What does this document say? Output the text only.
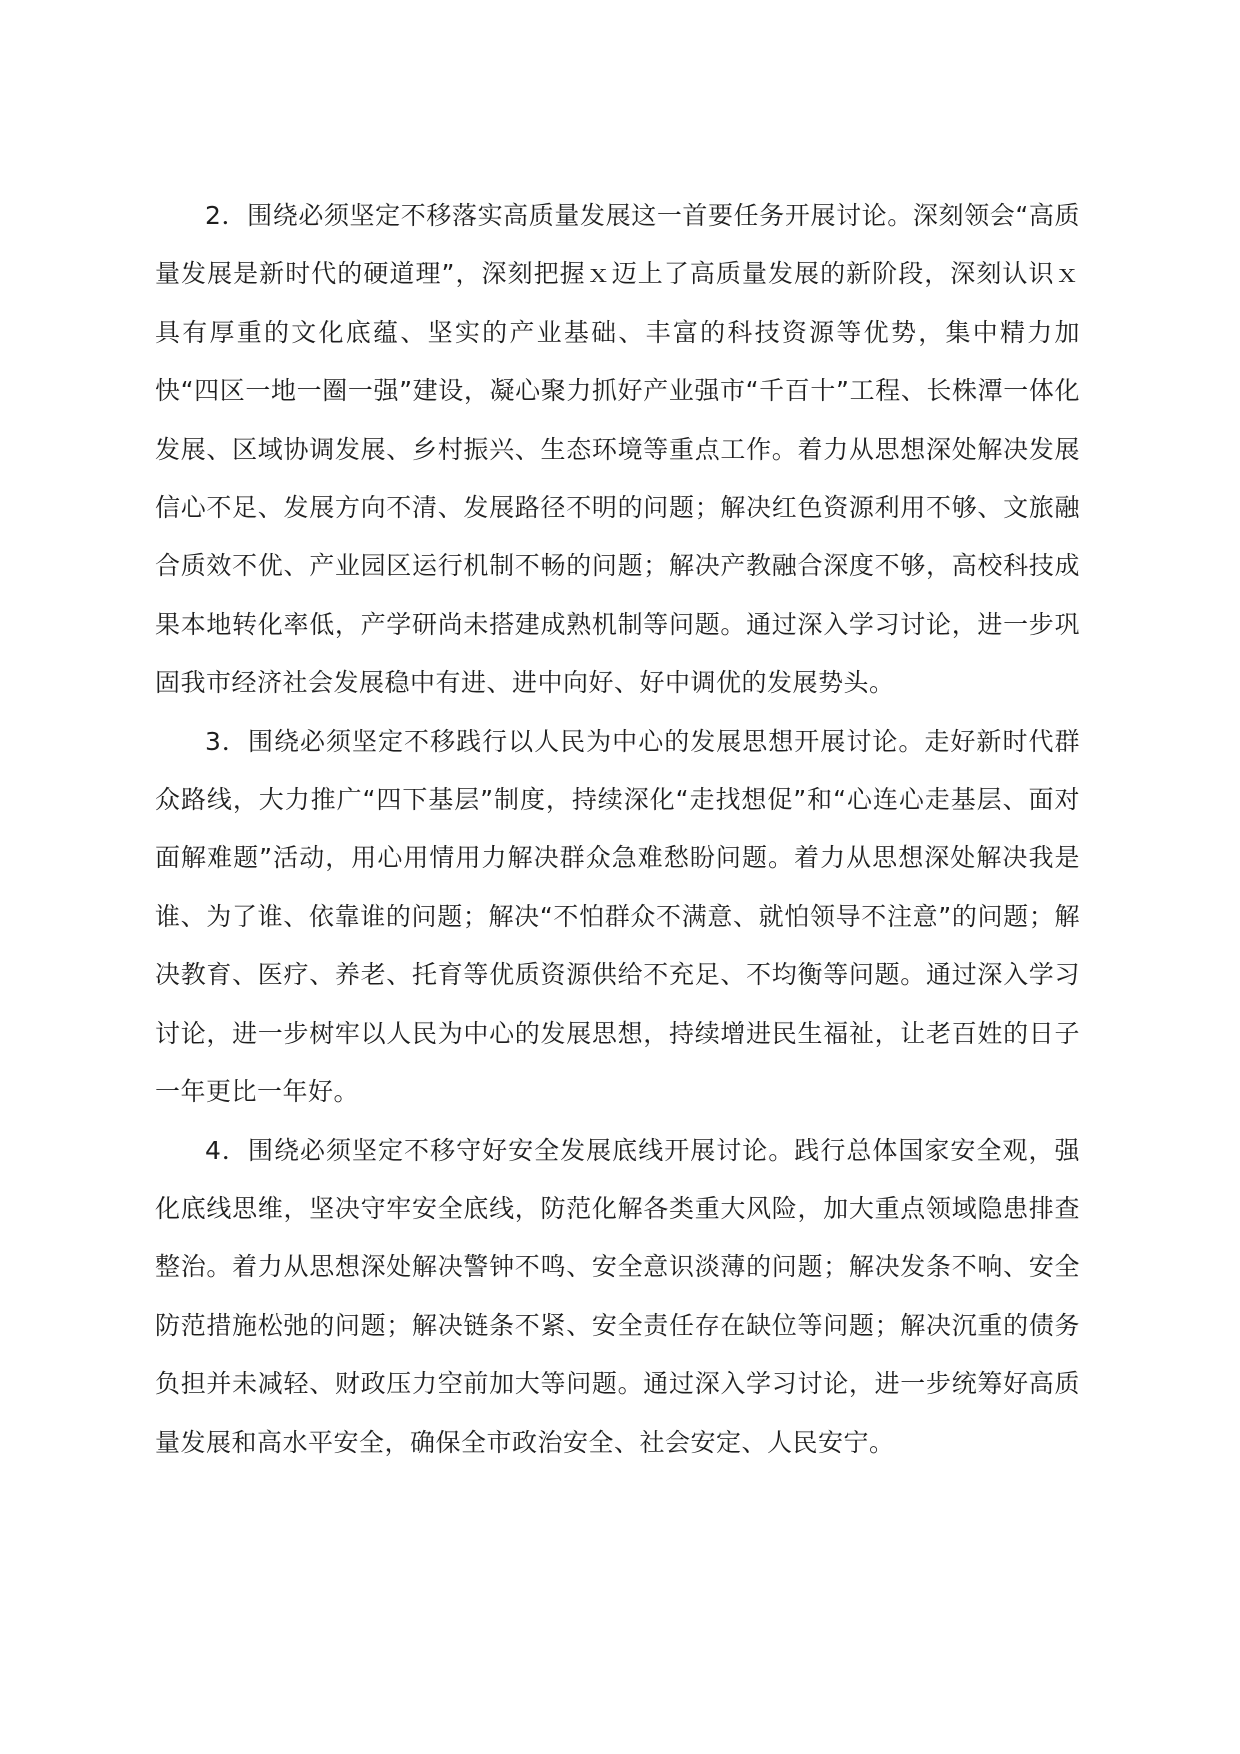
2．围绕必须坚定不移落实高质量发展这一首要任务开展讨论。深刻领会“高质量发展是新时代的硬道理”，深刻把握ｘ迈上了高质量发展的新阶段，深刻认识ｘ具有厚重的文化底蕴、坚实的产业基础、丰富的科技资源等优势，集中精力加快“四区一地一圈一强”建设，凝心聚力抓好产业强市“千百十”工程、长株潭一体化发展、区域协调发展、乡村振兴、生态环境等重点工作。着力从思想深处解决发展信心不足、发展方向不清、发展路径不明的问题；解决红色资源利用不够、文旅融合质效不优、产业园区运行机制不畅的问题；解决产教融合深度不够，高校科技成果本地转化率低，产学研尚未搭建成熟机制等问题。通过深入学习讨论，进一步巩固我市经济社会发展稳中有进、进中向好、好中调优的发展势头。

3．围绕必须坚定不移践行以人民为中心的发展思想开展讨论。走好新时代群众路线，大力推广“四下基层”制度，持续深化“走找想促”和“心连心走基层、面对面解难题”活动，用心用情用力解决群众急难愁盼问题。着力从思想深处解决我是谁、为了谁、依靠谁的问题；解决“不怕群众不满意、就怕领导不注意”的问题；解决教育、医疗、养老、托育等优质资源供给不充足、不均衡等问题。通过深入学习讨论，进一步树牢以人民为中心的发展思想，持续增进民生福祉，让老百姓的日子一年更比一年好。

4．围绕必须坚定不移守好安全发展底线开展讨论。践行总体国家安全观，强化底线思维，坚决守牢安全底线，防范化解各类重大风险，加大重点领域隐患排查整治。着力从思想深处解决警钟不鸣、安全意识淡薄的问题；解决发条不响、安全防范措施松弛的问题；解决链条不紧、安全责任存在缺位等问题；解决沉重的债务负担并未减轻、财政压力空前加大等问题。通过深入学习讨论，进一步统筹好高质量发展和高水平安全，确保全市政治安全、社会安定、人民安宁。
